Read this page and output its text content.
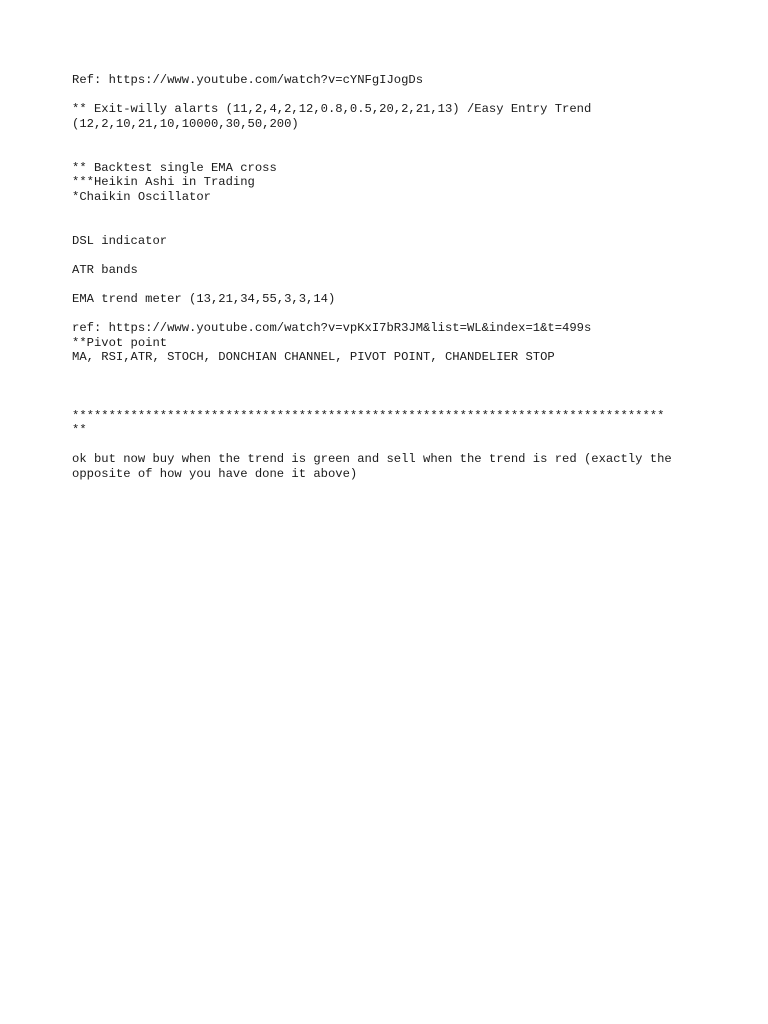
Ref: https://www.youtube.com/watch?v=cYNFgIJogDs
** Exit-willy alarts (11,2,4,2,12,0.8,0.5,20,2,21,13) /Easy Entry Trend
(12,2,10,21,10,10000,30,50,200)
** Backtest single EMA cross
***Heikin Ashi in Trading
*Chaikin Oscillator
DSL indicator
ATR bands
EMA trend meter (13,21,34,55,3,3,14)
ref: https://www.youtube.com/watch?v=vpKxI7bR3JM&list=WL&index=1&t=499s
**Pivot point
MA, RSI,ATR, STOCH, DONCHIAN CHANNEL, PIVOT POINT, CHANDELIER STOP
*********************************************************************************
**
ok but now buy when the trend is green and sell when the trend is red (exactly the
opposite of how you have done it above)
